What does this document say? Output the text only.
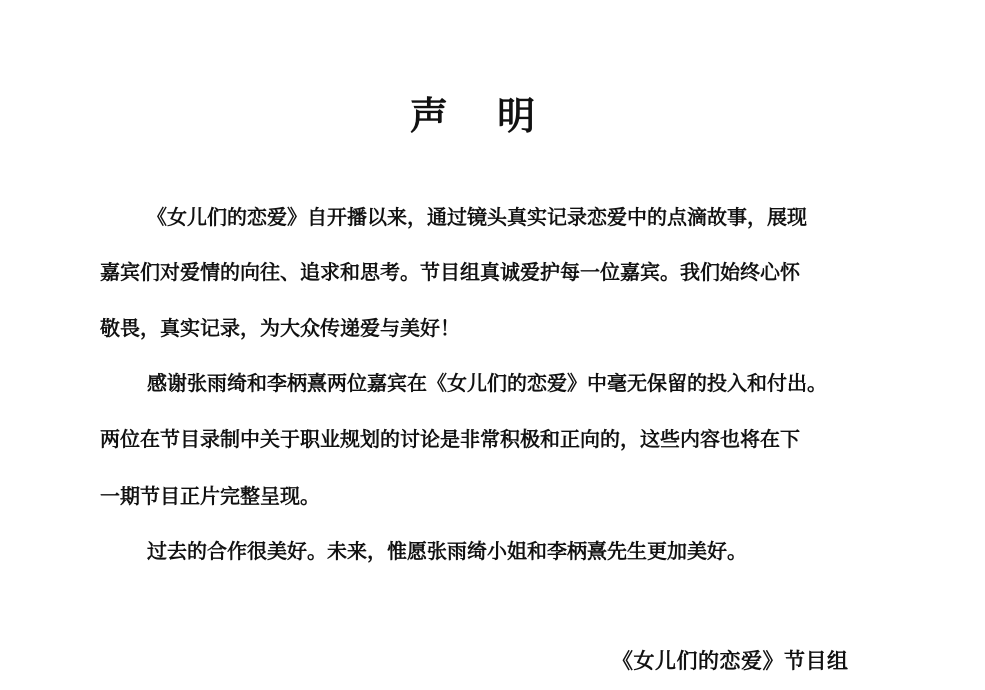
声 明
《女儿们的恋爱》自开播以来，通过镜头真实记录恋爱中的点滴故事，展现
嘉宾们对爱情的向往、追求和思考。节目组真诚爱护每一位嘉宾。我们始终心怀
敬畏，真实记录，为大众传递爱与美好！
感谢张雨绮和李柄熹两位嘉宾在《女儿们的恋爱》中毫无保留的投入和付出。
两位在节目录制中关于职业规划的讨论是非常积极和正向的，这些内容也将在下
一期节目正片完整呈现。
过去的合作很美好。未来，惟愿张雨绮小姐和李柄熹先生更加美好。
《女儿们的恋爱》节目组
